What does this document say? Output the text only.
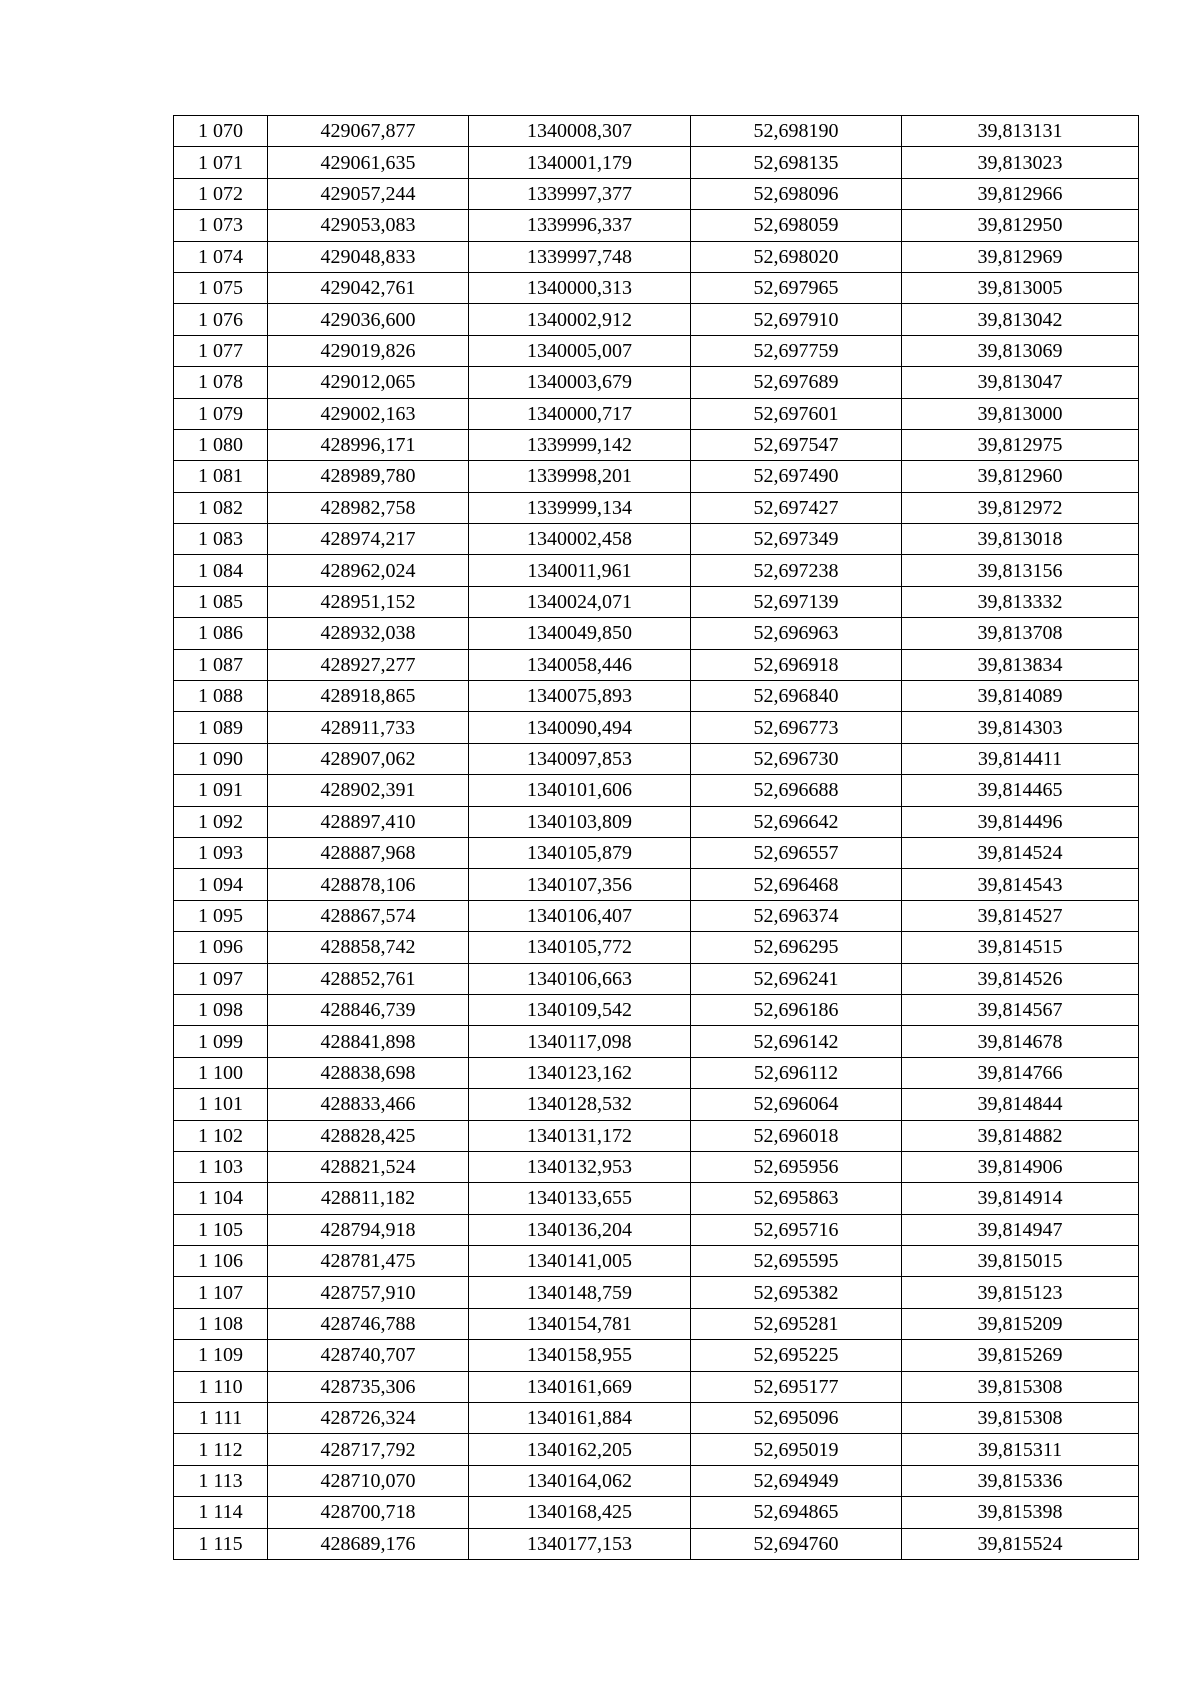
1 070	429067,877	1340008,307	52,698190	39,813131
1 071	429061,635	1340001,179	52,698135	39,813023
1 072	429057,244	1339997,377	52,698096	39,812966
1 073	429053,083	1339996,337	52,698059	39,812950
1 074	429048,833	1339997,748	52,698020	39,812969
1 075	429042,761	1340000,313	52,697965	39,813005
1 076	429036,600	1340002,912	52,697910	39,813042
1 077	429019,826	1340005,007	52,697759	39,813069
1 078	429012,065	1340003,679	52,697689	39,813047
1 079	429002,163	1340000,717	52,697601	39,813000
1 080	428996,171	1339999,142	52,697547	39,812975
1 081	428989,780	1339998,201	52,697490	39,812960
1 082	428982,758	1339999,134	52,697427	39,812972
1 083	428974,217	1340002,458	52,697349	39,813018
1 084	428962,024	1340011,961	52,697238	39,813156
1 085	428951,152	1340024,071	52,697139	39,813332
1 086	428932,038	1340049,850	52,696963	39,813708
1 087	428927,277	1340058,446	52,696918	39,813834
1 088	428918,865	1340075,893	52,696840	39,814089
1 089	428911,733	1340090,494	52,696773	39,814303
1 090	428907,062	1340097,853	52,696730	39,814411
1 091	428902,391	1340101,606	52,696688	39,814465
1 092	428897,410	1340103,809	52,696642	39,814496
1 093	428887,968	1340105,879	52,696557	39,814524
1 094	428878,106	1340107,356	52,696468	39,814543
1 095	428867,574	1340106,407	52,696374	39,814527
1 096	428858,742	1340105,772	52,696295	39,814515
1 097	428852,761	1340106,663	52,696241	39,814526
1 098	428846,739	1340109,542	52,696186	39,814567
1 099	428841,898	1340117,098	52,696142	39,814678
1 100	428838,698	1340123,162	52,696112	39,814766
1 101	428833,466	1340128,532	52,696064	39,814844
1 102	428828,425	1340131,172	52,696018	39,814882
1 103	428821,524	1340132,953	52,695956	39,814906
1 104	428811,182	1340133,655	52,695863	39,814914
1 105	428794,918	1340136,204	52,695716	39,814947
1 106	428781,475	1340141,005	52,695595	39,815015
1 107	428757,910	1340148,759	52,695382	39,815123
1 108	428746,788	1340154,781	52,695281	39,815209
1 109	428740,707	1340158,955	52,695225	39,815269
1 110	428735,306	1340161,669	52,695177	39,815308
1 111	428726,324	1340161,884	52,695096	39,815308
1 112	428717,792	1340162,205	52,695019	39,815311
1 113	428710,070	1340164,062	52,694949	39,815336
1 114	428700,718	1340168,425	52,694865	39,815398
1 115	428689,176	1340177,153	52,694760	39,815524
